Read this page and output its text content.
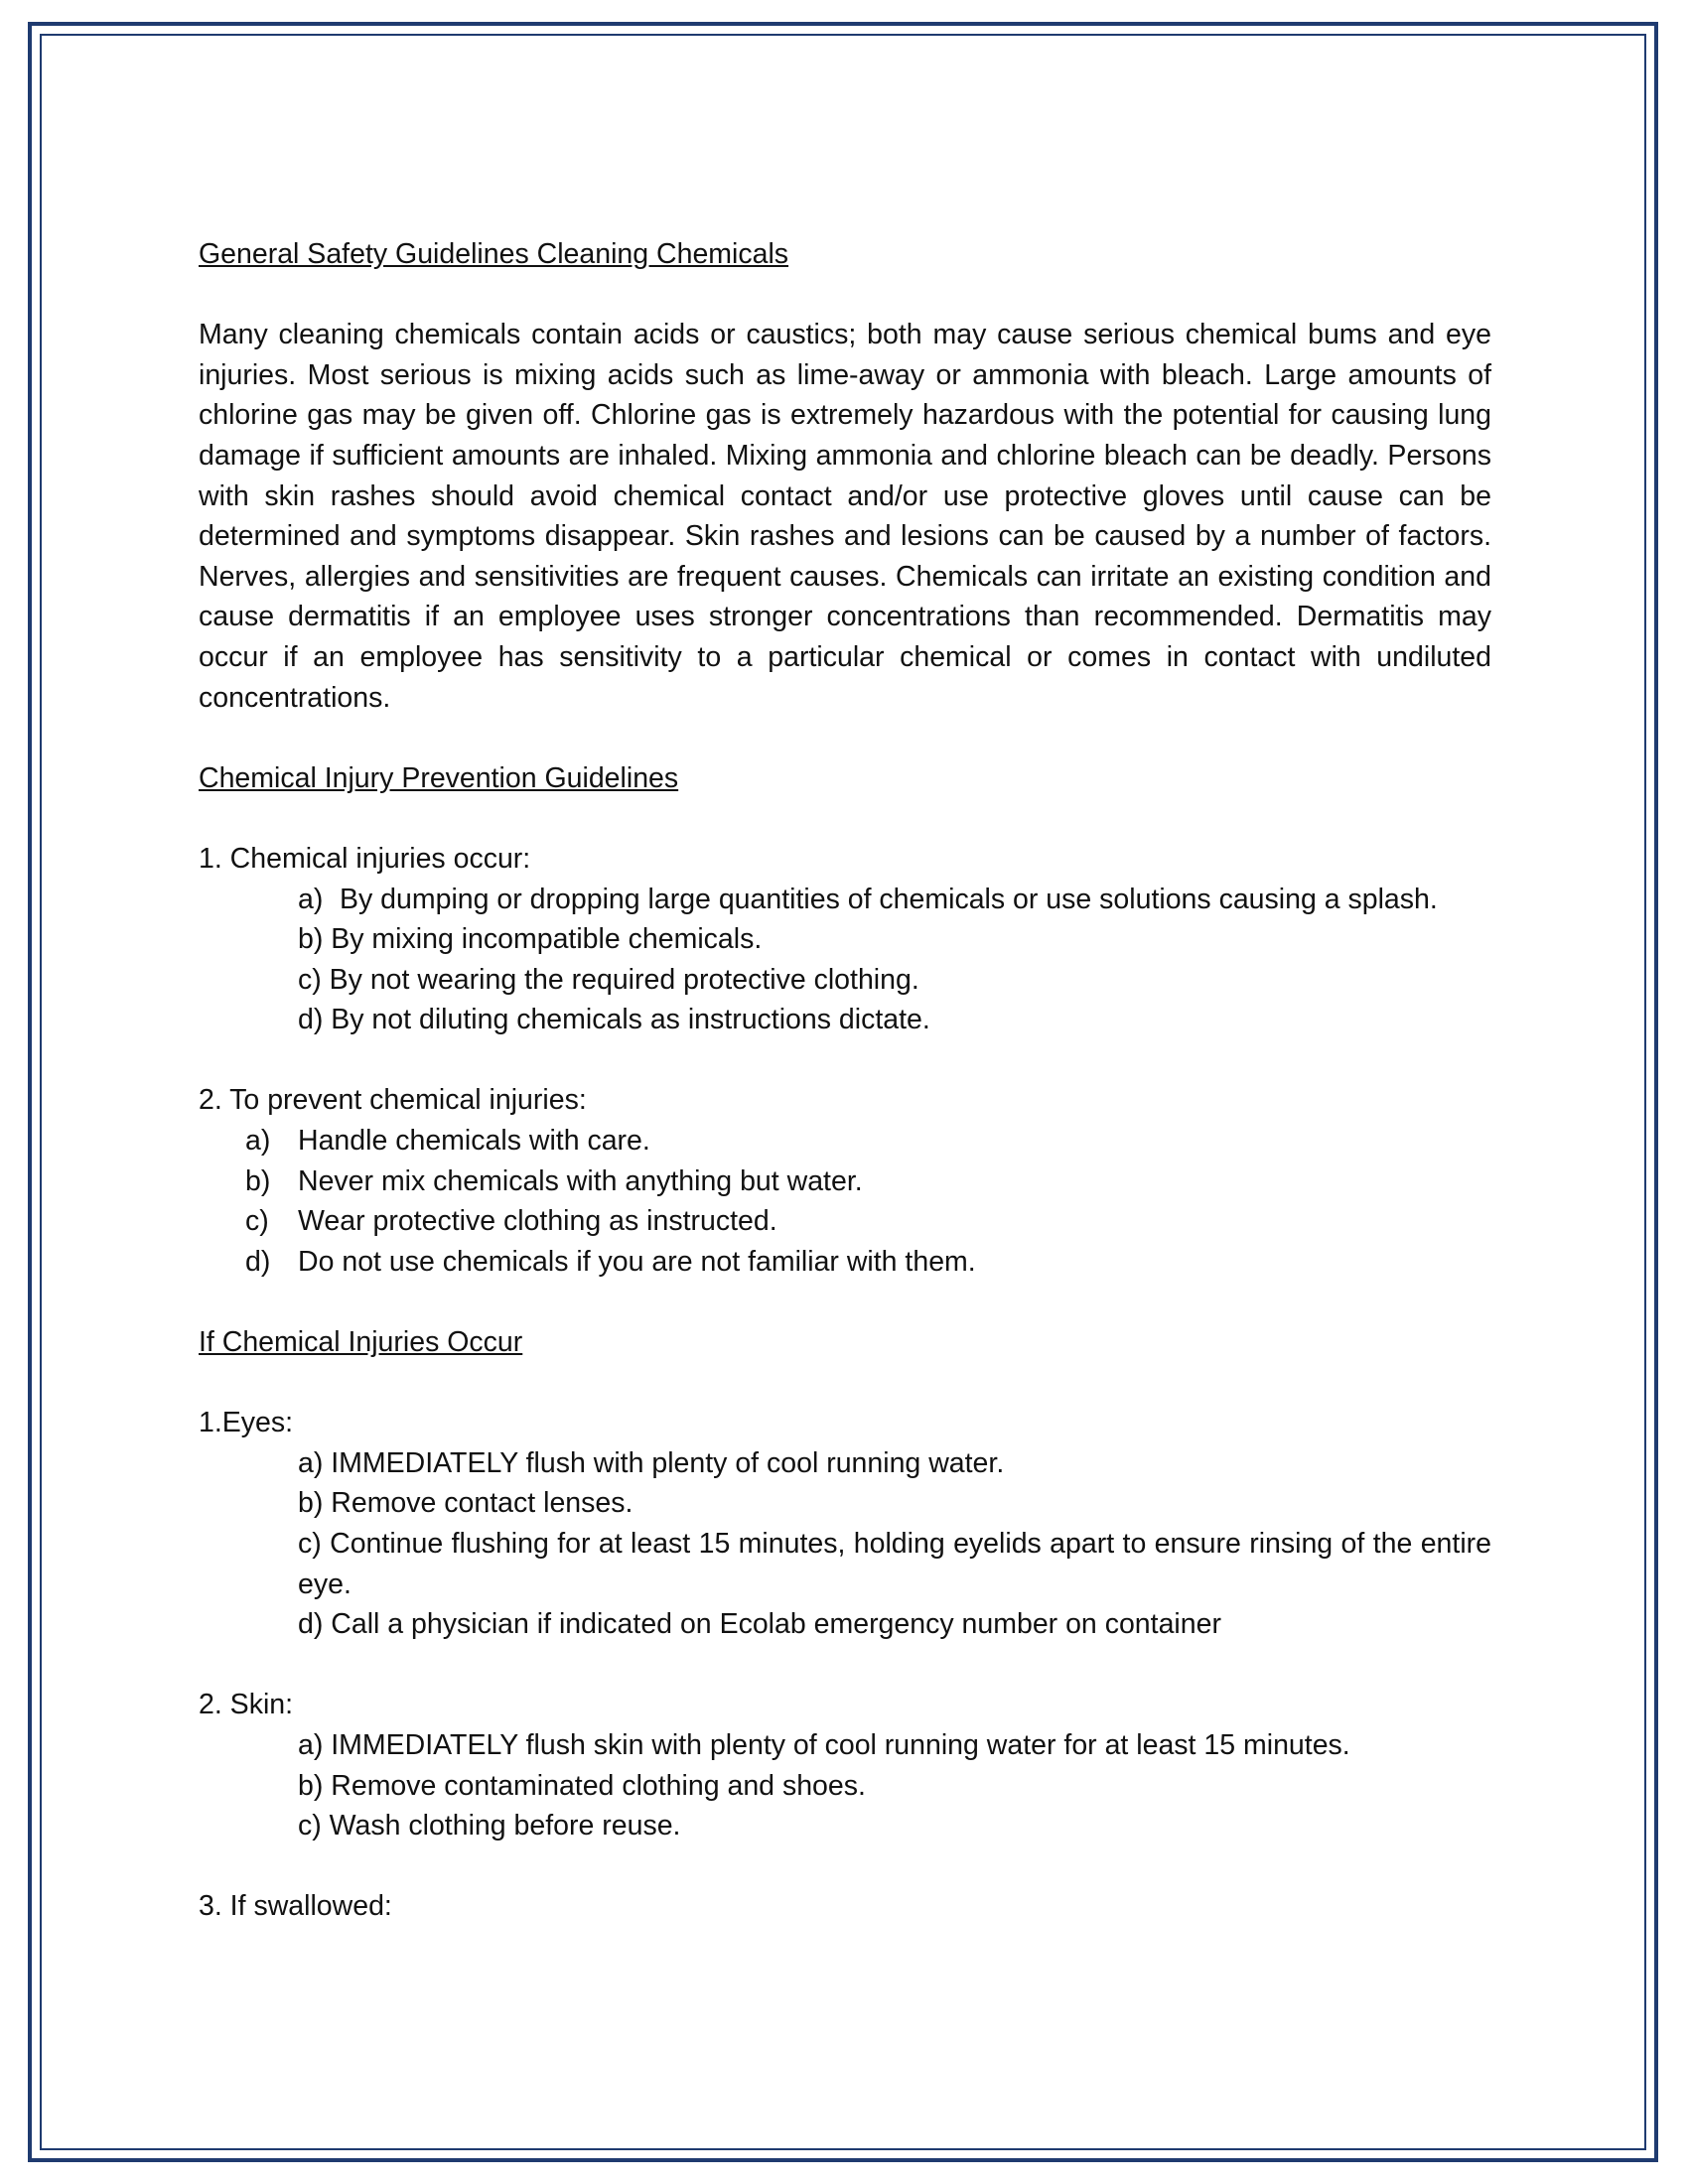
General Safety Guidelines Cleaning Chemicals

Many cleaning chemicals contain acids or caustics; both may cause serious chemical bums and eye injuries. Most serious is mixing acids such as lime-away or ammonia with bleach. Large amounts of chlorine gas may be given off. Chlorine gas is extremely hazardous with the potential for causing lung damage if sufficient amounts are inhaled. Mixing ammonia and chlorine bleach can be deadly. Persons with skin rashes should avoid chemical contact and/or use protective gloves until cause can be determined and symptoms disappear. Skin rashes and lesions can be caused by a number of factors. Nerves, allergies and sensitivities are frequent causes. Chemicals can irritate an existing condition and cause dermatitis if an employee uses stronger concentrations than recommended. Dermatitis may occur if an employee has sensitivity to a particular chemical or comes in contact with undiluted concentrations.

Chemical Injury Prevention Guidelines

1. Chemical injuries occur:

a) By dumping or dropping large quantities of chemicals or use solutions causing a splash.

b) By mixing incompatible chemicals.

c) By not wearing the required protective clothing.

d) By not diluting chemicals as instructions dictate.

2. To prevent chemical injuries:

a) Handle chemicals with care.
b) Never mix chemicals with anything but water.
c)	Wear protective clothing as instructed.
d) Do not use chemicals if you are not familiar with them.

If Chemical Injuries Occur

1.Eyes:

a) IMMEDIATELY flush with plenty of cool running water.

b) Remove contact lenses.

c) Continue flushing for at least 15 minutes, holding eyelids apart to ensure rinsing of the entire eye.

d) Call a physician if indicated on Ecolab emergency number on container

2. Skin:

a) IMMEDIATELY flush skin with plenty of cool running water for at least 15 minutes.

b) Remove contaminated clothing and shoes.

c) Wash clothing before reuse.

3. If swallowed:
